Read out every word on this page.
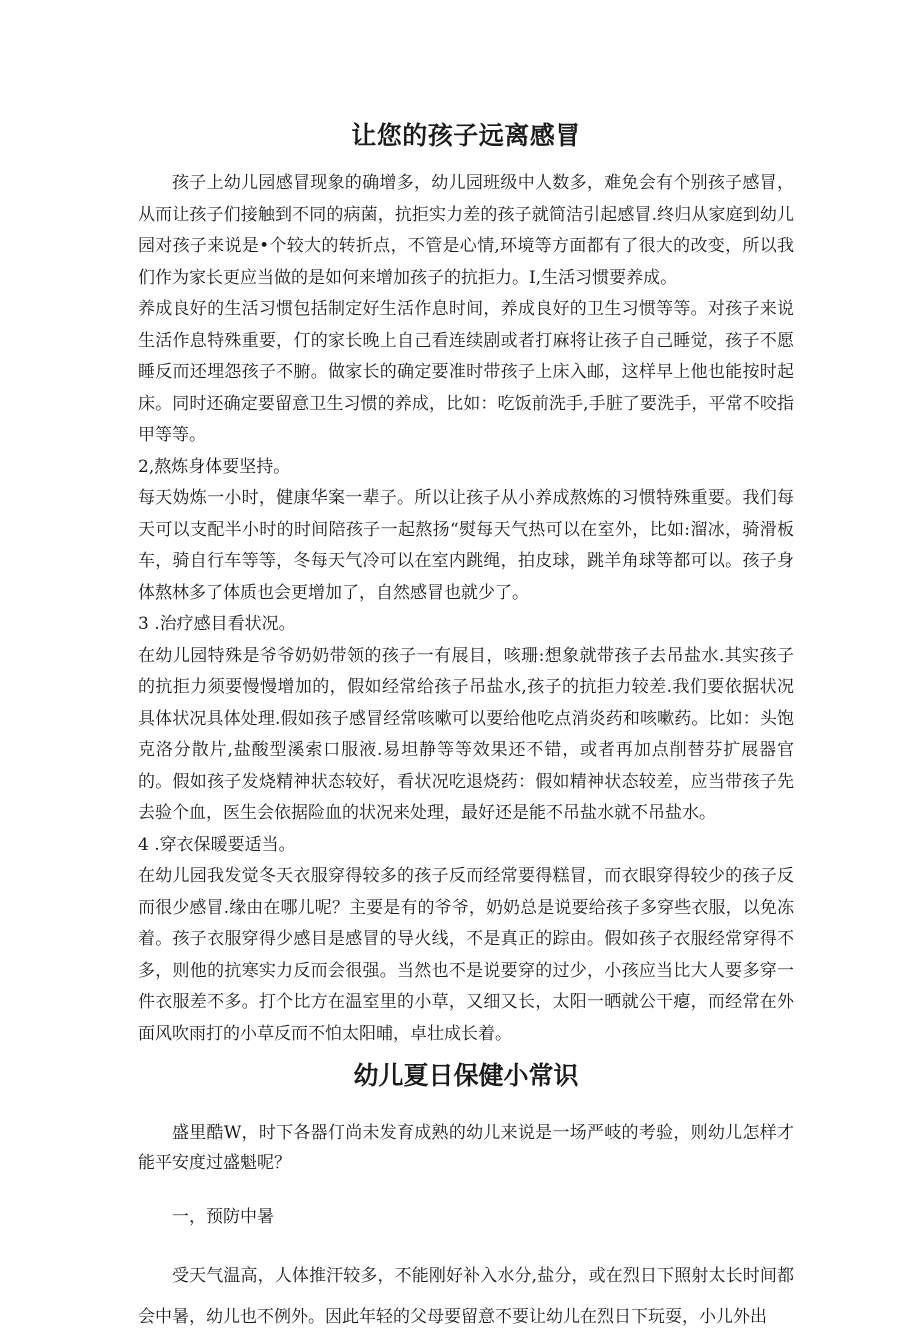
让您的孩子远离感冒

孩子上幼儿园感冒现象的确增多，幼儿园班级中人数多，难免会有个别孩子感冒，从而让孩子们接触到不同的病菌，抗拒实力差的孩子就简洁引起感冒.终归从家庭到幼儿园对孩子来说是•个较大的转折点，不管是心情,环境等方面都有了很大的改变，所以我们作为家长更应当做的是如何来增加孩子的抗拒力。I,生活习惯要养成。

养成良好的生活习惯包括制定好生活作息时间，养成良好的卫生习惯等等。对孩子来说生活作息特殊重要，仃的家长晚上自己看连续剧或者打麻将让孩子自己睡觉，孩子不愿睡反而还埋怨孩子不腑。做家长的确定要准时带孩子上床入邮，这样早上他也能按时起床。同时还确定要留意卫生习惯的养成，比如：吃饭前洗手,手脏了要洗手，平常不咬指甲等等。

2,熬炼身体要坚持。

每天妫炼一小时，健康华案一辈子。所以让孩子从小养成熬炼的习惯特殊重要。我们每天可以支配半小时的时间陪孩子一起熬扬“熨每天气热可以在室外，比如:溜冰，骑滑板车，骑自行车等等，冬每天气冷可以在室内跳绳，拍皮球，跳羊角球等都可以。孩子身体熬林多了体质也会更增加了，自然感冒也就少了。

3 .治疗感目看状况。

在幼儿园特殊是爷爷奶奶带领的孩子一有展目，咳珊:想象就带孩子去吊盐水.其实孩子的抗拒力须要慢慢增加的，假如经常给孩子吊盐水,孩子的抗拒力较差.我们要依据状况具体状况具体处理.假如孩子感冒经常咳嗽可以要给他吃点消炎药和咳嗽药。比如：头饱克洛分散片,盐酸型溪索口服液.易坦静等等效果还不错，或者再加点削替芬扩展器官的。假如孩子发烧精神状态较好，看状况吃退烧药：假如精神状态较差，应当带孩子先去验个血，医生会依据险血的状况来处理，最好还是能不吊盐水就不吊盐水。

4 .穿衣保暖要适当。

在幼儿园我发觉冬天衣服穿得较多的孩子反而经常要得糕冒，而衣眼穿得较少的孩子反而很少感冒.缘由在哪儿呢？主要是有的爷爷，奶奶总是说要给孩子多穿些衣服，以免冻着。孩子衣服穿得少感目是感冒的导火线，不是真正的踪由。假如孩子衣服经常穿得不多，则他的抗寒实力反而会很强。当然也不是说要穿的过少，小孩应当比大人要多穿一件衣服差不多。打个比方在温室里的小草，又细又长，太阳一晒就公干瘪，而经常在外面风吹雨打的小草反而不怕太阳晡，卓壮成长着。

幼儿夏日保健小常识

盛里酷W，时下各器仃尚未发育成熟的幼儿来说是一场严岐的考验，则幼儿怎样才能平安度过盛魁呢？

一，预防中暑

受天气温高，人体推汗较多，不能刚好补入水分,盐分，或在烈日下照射太长时间都会中暑，幼儿也不例外。因此年轻的父母要留意不要让幼儿在烈日下玩耍，小儿外出
